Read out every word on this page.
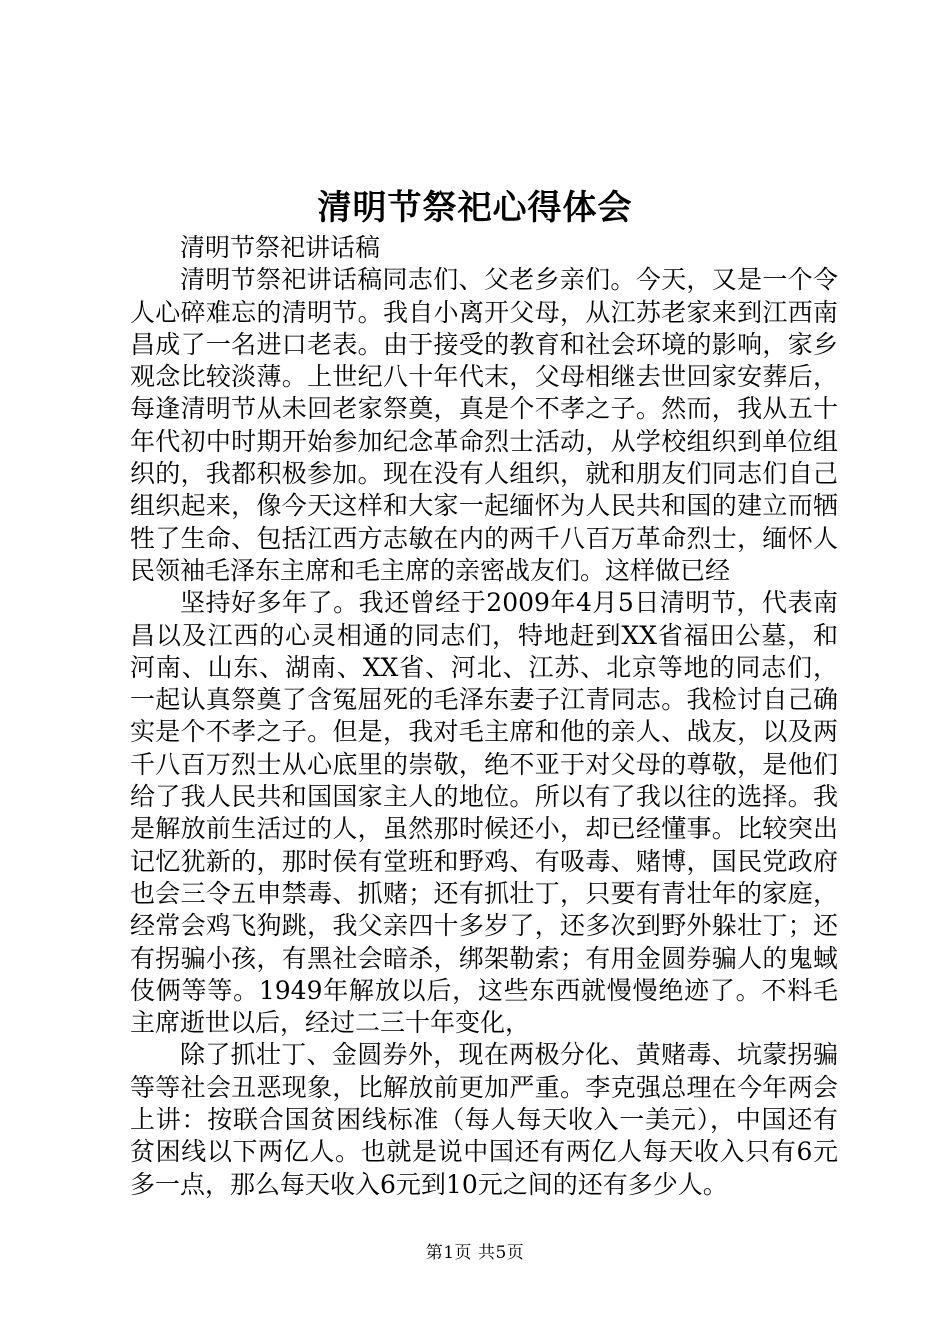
清明节祭祀心得体会

清明节祭祀讲话稿

清明节祭祀讲话稿同志们、父老乡亲们。今天，又是一个令人心碎难忘的清明节。我自小离开父母，从江苏老家来到江西南昌成了一名进口老表。由于接受的教育和社会环境的影响，家乡观念比较淡薄。上世纪八十年代末，父母相继去世回家安葬后，每逢清明节从未回老家祭奠，真是个不孝之子。然而，我从五十年代初中时期开始参加纪念革命烈士活动，从学校组织到单位组织的，我都积极参加。现在没有人组织，就和朋友们同志们自己组织起来，像今天这样和大家一起缅怀为人民共和国的建立而牺牲了生命、包括江西方志敏在内的两千八百万革命烈士，缅怀人民领袖毛泽东主席和毛主席的亲密战友们。这样做已经

坚持好多年了。我还曾经于2009年4月5日清明节，代表南昌以及江西的心灵相通的同志们，特地赶到XX省福田公墓，和河南、山东、湖南、XX省、河北、江苏、北京等地的同志们，一起认真祭奠了含冤屈死的毛泽东妻子江青同志。我检讨自己确实是个不孝之子。但是，我对毛主席和他的亲人、战友，以及两千八百万烈士从心底里的崇敬，绝不亚于对父母的尊敬，是他们给了我人民共和国国家主人的地位。所以有了我以往的选择。我是解放前生活过的人，虽然那时候还小，却已经懂事。比较突出记忆犹新的，那时侯有堂班和野鸡、有吸毒、赌博，国民党政府也会三令五申禁毒、抓赌；还有抓壮丁，只要有青壮年的家庭，经常会鸡飞狗跳，我父亲四十多岁了，还多次到野外躲壮丁；还有拐骗小孩，有黑社会暗杀，绑架勒索；有用金圆券骗人的鬼蜮伎俩等等。1949年解放以后，这些东西就慢慢绝迹了。不料毛主席逝世以后，经过二三十年变化，

除了抓壮丁、金圆券外，现在两极分化、黄赌毒、坑蒙拐骗等等社会丑恶现象，比解放前更加严重。李克强总理在今年两会上讲：按联合国贫困线标准（每人每天收入一美元），中国还有贫困线以下两亿人。也就是说中国还有两亿人每天收入只有6元多一点，那么每天收入6元到10元之间的还有多少人。

第1页 共5页
